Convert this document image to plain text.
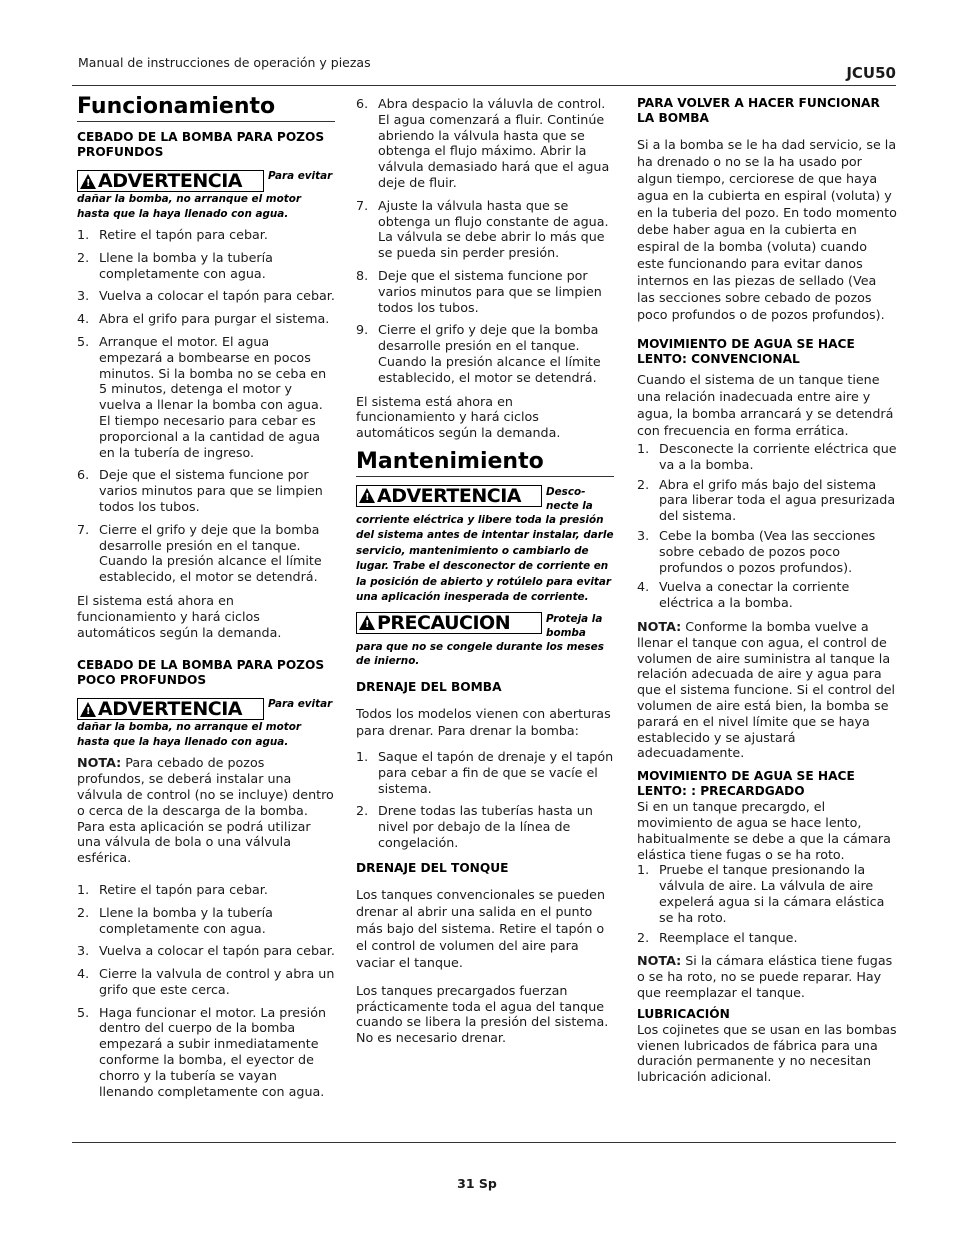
Manual de instrucciones de operación y piezas
JCU50
Funcionamiento
CEBADO DE LA BOMBA PARA POZOS PROFUNDOS
!
ADVERTENCIA	Para evitar
dañar la bomba, no arranque el motor hasta que la haya llenado con agua.
1. Retire el tapón para cebar.
2. Llene la bomba y la tubería completamente con agua.
3. Vuelva a colocar el tapón para cebar.
4. Abra el grifo para purgar el sistema.
5. Arranque el motor. El agua empezará a bombearse en pocos minutos. Si la bomba no se ceba en 5 minutos, detenga el motor y vuelva a llenar la bomba con agua. El tiempo necesario para cebar es proporcional a la cantidad de agua en la tubería de ingreso.
6. Deje que el sistema funcione por varios minutos para que se limpien todos los tubos.
7. Cierre el grifo y deje que la bomba desarrolle presión en el tanque. Cuando la presión alcance el límite establecido, el motor se detendrá.

El sistema está ahora en funcionamiento y hará ciclos automáticos según la demanda.

CEBADO DE LA BOMBA PARA POZOS POCO PROFUNDOS
!
ADVERTENCIA	Para evitar
dañar la bomba, no arranque el motor hasta que la haya llenado con agua.

NOTA: Para cebado de pozos profundos, se deberá instalar una válvula de control (no se incluye) dentro o cerca de la descarga de la bomba. Para esta aplicación se podrá utilizar una válvula de bola o una válvula esférica.

1. Retire el tapón para cebar.
2. Llene la bomba y la tubería completamente con agua.
3. Vuelva a colocar el tapón para cebar.
4. Cierre la valvula de control y abra un grifo que este cerca.
5. Haga funcionar el motor. La presión dentro del cuerpo de la bomba empezará a subir inmediatamente conforme la bomba, el eyector de chorro y la tubería se vayan llenando completamente con agua.
6. Abra despacio la váluvla de control. El agua comenzará a fluir. Continúe abriendo la válvula hasta que se obtenga el flujo máximo. Abrir la válvula demasiado hará que el agua deje de fluir.
7. Ajuste la válvula hasta que se obtenga un flujo constante de agua. La válvula se debe abrir lo más que se pueda sin perder presión.
8. Deje que el sistema funcione por varios minutos para que se limpien todos los tubos.
9. Cierre el grifo y deje que la bomba desarrolle presión en el tanque. Cuando la presión alcance el límite establecido, el motor se detendrá.

El sistema está ahora en funcionamiento y hará ciclos automáticos según la demanda.

Mantenimiento
!
ADVERTENCIA Desco-necte la
corriente eléctrica y libere toda la presión del sistema antes de intentar instalar, darle servicio, mantenimiento o cambiarlo de lugar. Trabe el desconector de corriente en la posición de abierto y rotúlelo para evitar una aplicación inesperada de corriente.
!
PRECAUCION	Proteja la bomba
para que no se congele durante los meses de inierno.
DRENAJE DEL BOMBA

Todos los modelos vienen con aberturas para drenar. Para drenar la bomba:

1. Saque el tapón de drenaje y el tapón para cebar a fin de que se vacíe el sistema.
2. Drene todas las tuberías hasta un nivel por debajo de la línea de congelación.
DRENAJE DEL TONQUE

Los tanques convencionales se pueden drenar al abrir una salida en el punto más bajo del sistema. Retire el tapón o el control de volumen del aire para vaciar el tanque.

Los tanques precargados fuerzan prácticamente toda el agua del tanque cuando se libera la presión del sistema. No es necesario drenar.

PARA VOLVER A HACER FUNCIONAR LA BOMBA

Si a la bomba se le ha dad servicio, se la ha drenado o no se la ha usado por algun tiempo, cerciorese de que haya agua en la cubierta en espiral (voluta) y en la tuberia del pozo. En todo momento debe haber agua en la cubierta en espiral de la bomba (voluta) cuando este funcionando para evitar danos internos en las piezas de sellado (Vea las secciones sobre cebado de pozos poco profundos o de pozos profundos).

MOVIMIENTO DE AGUA SE HACE LENTO: CONVENCIONAL

Cuando el sistema de un tanque tiene una relación inadecuada entre aire y agua, la bomba arrancará y se detendrá con frecuencia en forma errática.

1. Desconecte la corriente eléctrica que va a la bomba.
2. Abra el grifo más bajo del sistema para liberar toda el agua presurizada del sistema.
3. Cebe la bomba (Vea las secciones sobre cebado de pozos poco profundos o pozos profundos).
4. Vuelva a conectar la corriente eléctrica a la bomba.

NOTA: Conforme la bomba vuelve a llenar el tanque con agua, el control de volumen de aire suministra al tanque la relación adecuada de aire y agua para que el sistema funcione. Si el control del volumen de aire está bien, la bomba se parará en el nivel límite que se haya establecido y se ajustará adecuadamente.

MOVIMIENTO DE AGUA SE HACE LENTO: : PRECARDGADO

Si en un tanque precargdo, el movimiento de agua se hace lento, habitualmente se debe a que la cámara elástica tiene fugas o se ha roto.

1. Pruebe el tanque presionando la válvula de aire. La válvula de aire expelerá agua si la cámara elástica se ha roto.
2. Reemplace el tanque.

NOTA: Si la cámara elástica tiene fugas o se ha roto, no se puede reparar. Hay que reemplazar el tanque.

LUBRICACIÓN

Los cojinetes que se usan en las bombas vienen lubricados de fábrica para una duración permanente y no necesitan lubricación adicional.

31 Sp
